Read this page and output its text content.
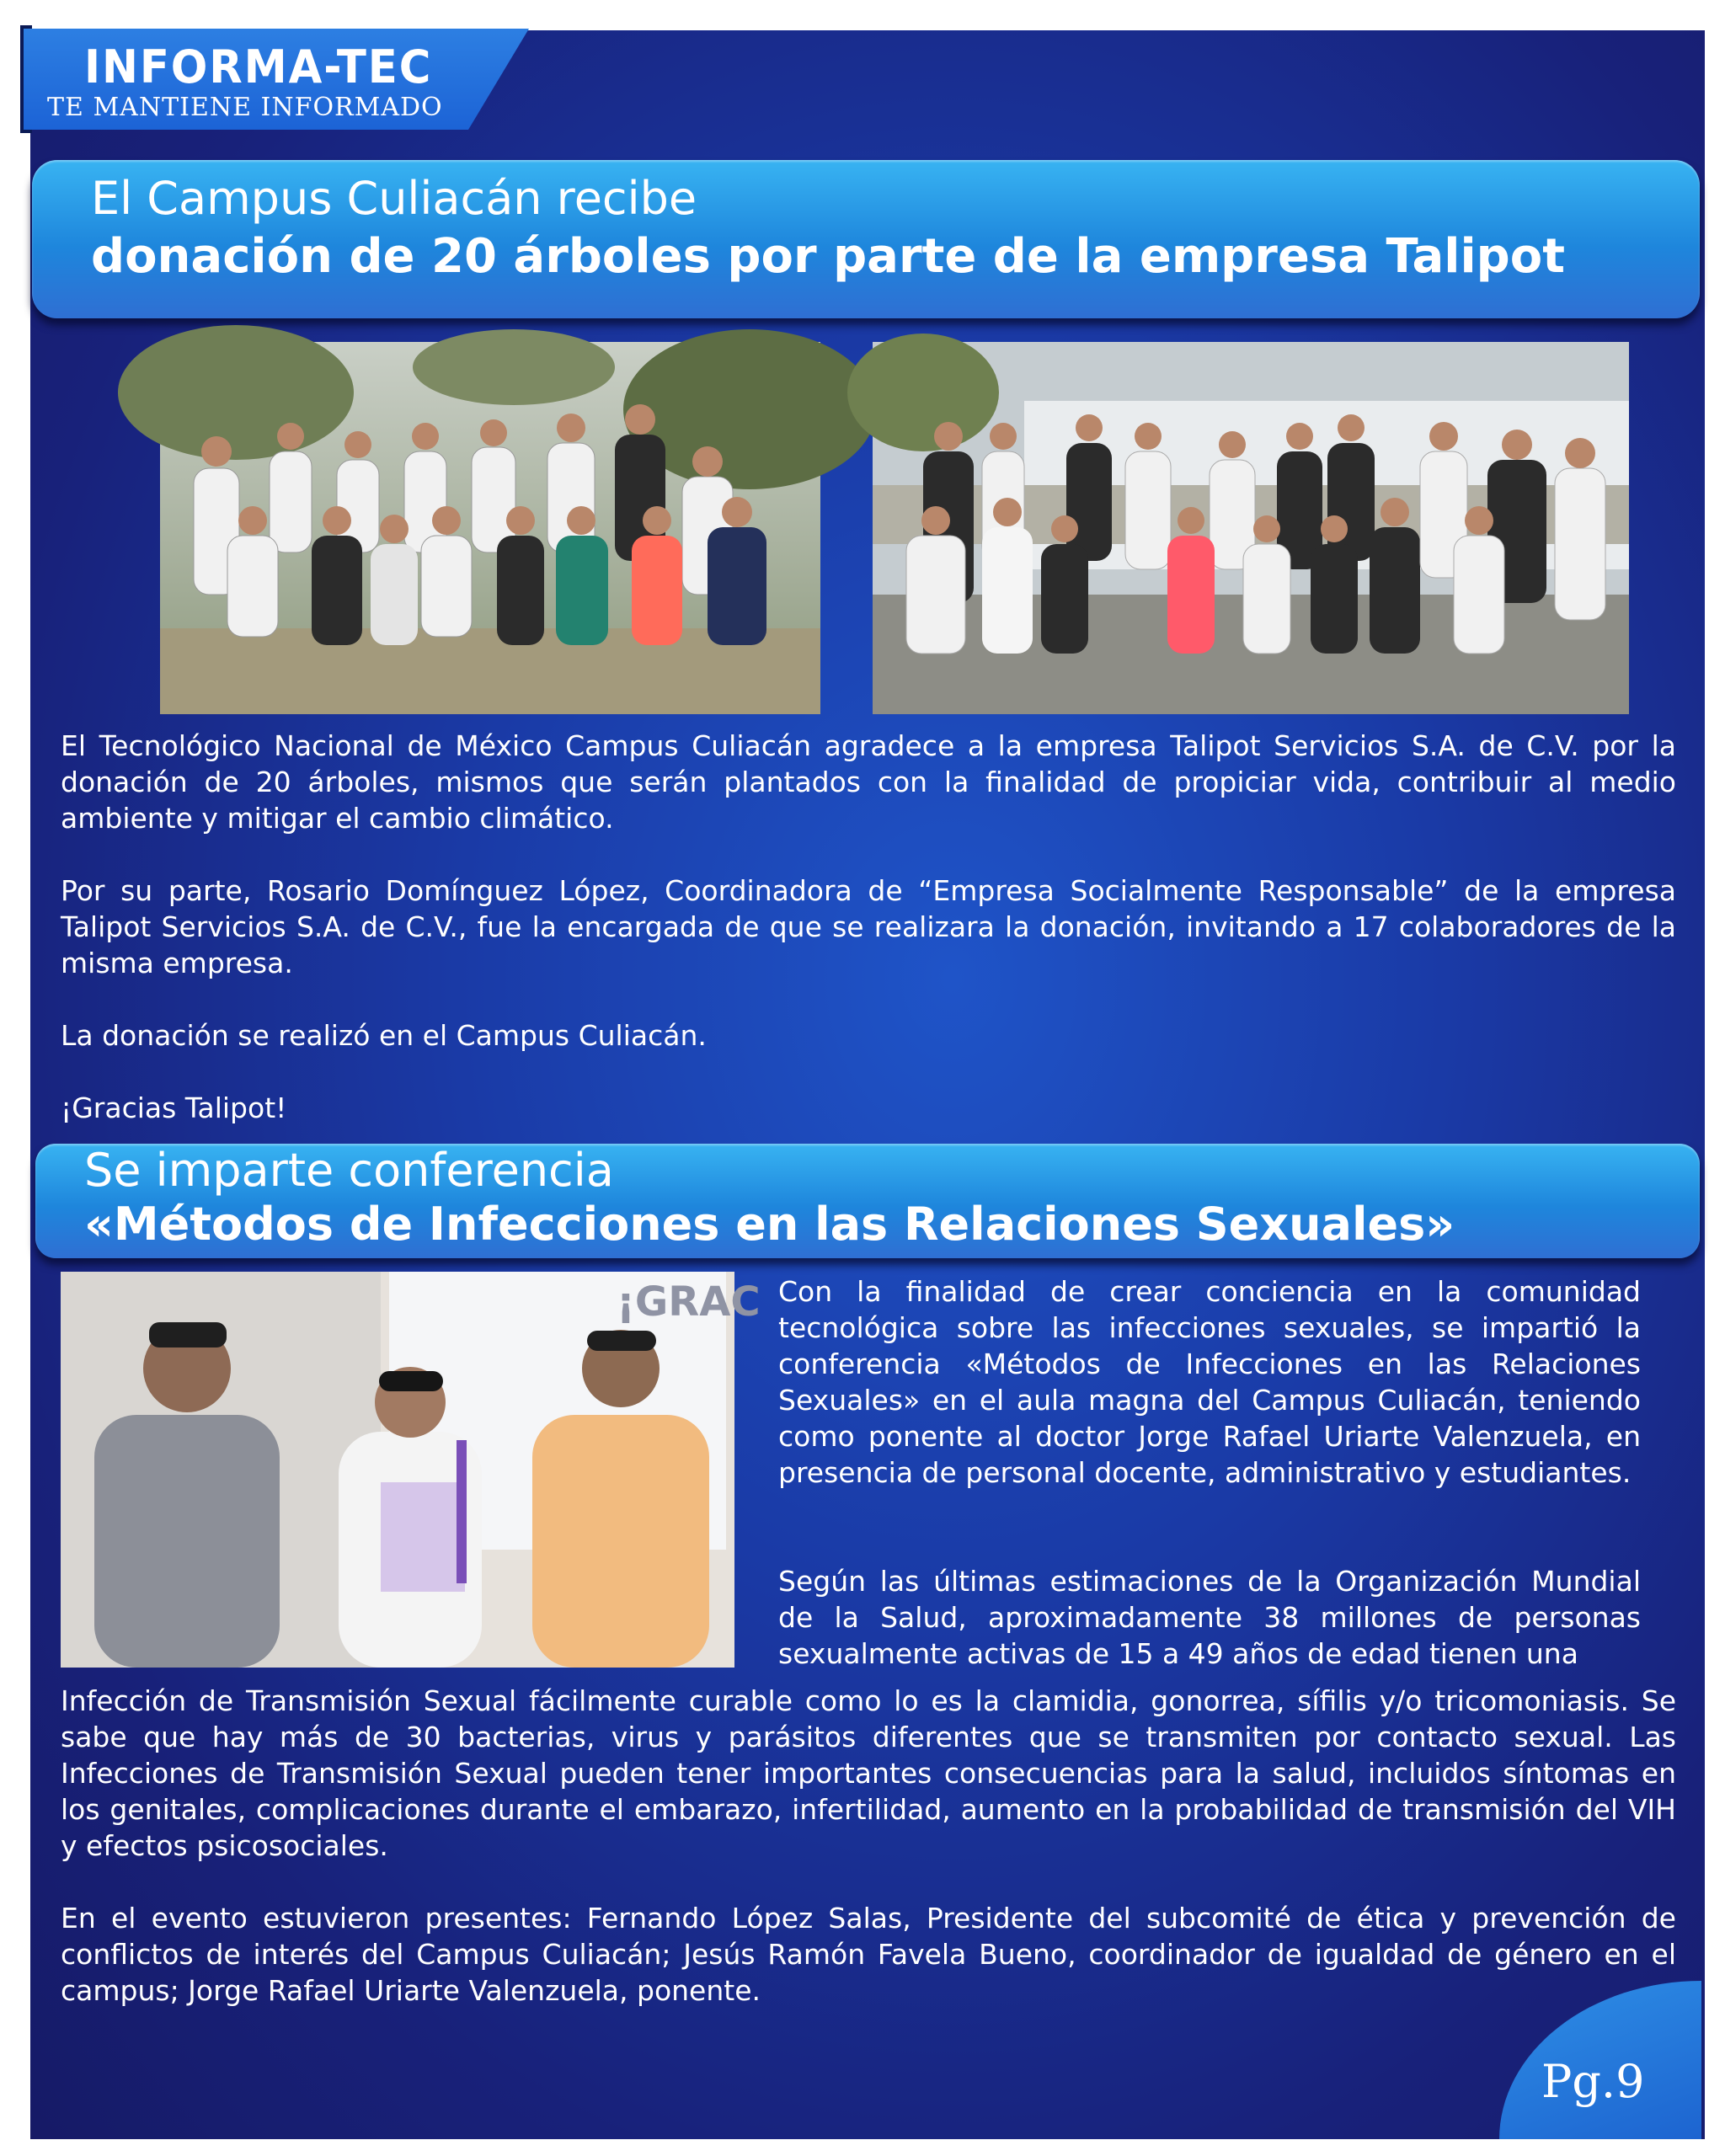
INFORMA-TEC
TE MANTIENE INFORMADO
El Campus Culiacán recibe
donación de 20 árboles por parte de la empresa Talipot

El Tecnológico Nacional de México Campus Culiacán agradece a la empresa Talipot Servicios S.A. de C.V. por la donación de 20 árboles, mismos que serán plantados con la finalidad de propiciar vida, contribuir al medio ambiente y mitigar el cambio climático.

Por su parte, Rosario Domínguez López, Coordinadora de “Empresa Socialmente Responsable” de la empresa Talipot Servicios S.A. de C.V., fue la encargada de que se realizara la donación, invitando a 17 colaboradores de la misma empresa.

La donación se realizó en el Campus Culiacán.

¡Gracias Talipot!

Se imparte conferencia
«Métodos de Infecciones en las Relaciones Sexuales»
¡GRAC Con la finalidad de crear conciencia en la comunidad tecnológica sobre las infecciones sexuales, se impartió la conferencia «Métodos de Infecciones en las Relaciones Sexuales» en el aula magna del Campus Culiacán, teniendo como ponente al doctor Jorge Rafael Uriarte Valenzuela, en presencia de personal docente, administrativo y estudiantes.

Según las últimas estimaciones de la Organización Mundial de la Salud, aproximadamente 38 millones de personas sexualmente activas de 15 a 49 años de edad tienen una

Infección de Transmisión Sexual fácilmente curable como lo es la clamidia, gonorrea, sífilis y/o tricomoniasis. Se sabe que hay más de 30 bacterias, virus y parásitos diferentes que se transmiten por contacto sexual. Las Infecciones de Transmisión Sexual pueden tener importantes consecuencias para la salud, incluidos síntomas en los genitales, complicaciones durante el embarazo, infertilidad, aumento en la probabilidad de transmisión del VIH y efectos psicosociales.

En el evento estuvieron presentes: Fernando López Salas, Presidente del subcomité de ética y prevención de conflictos de interés del Campus Culiacán; Jesús Ramón Favela Bueno, coordinador de igualdad de género en el campus; Jorge Rafael Uriarte Valenzuela, ponente.

Pg.9
